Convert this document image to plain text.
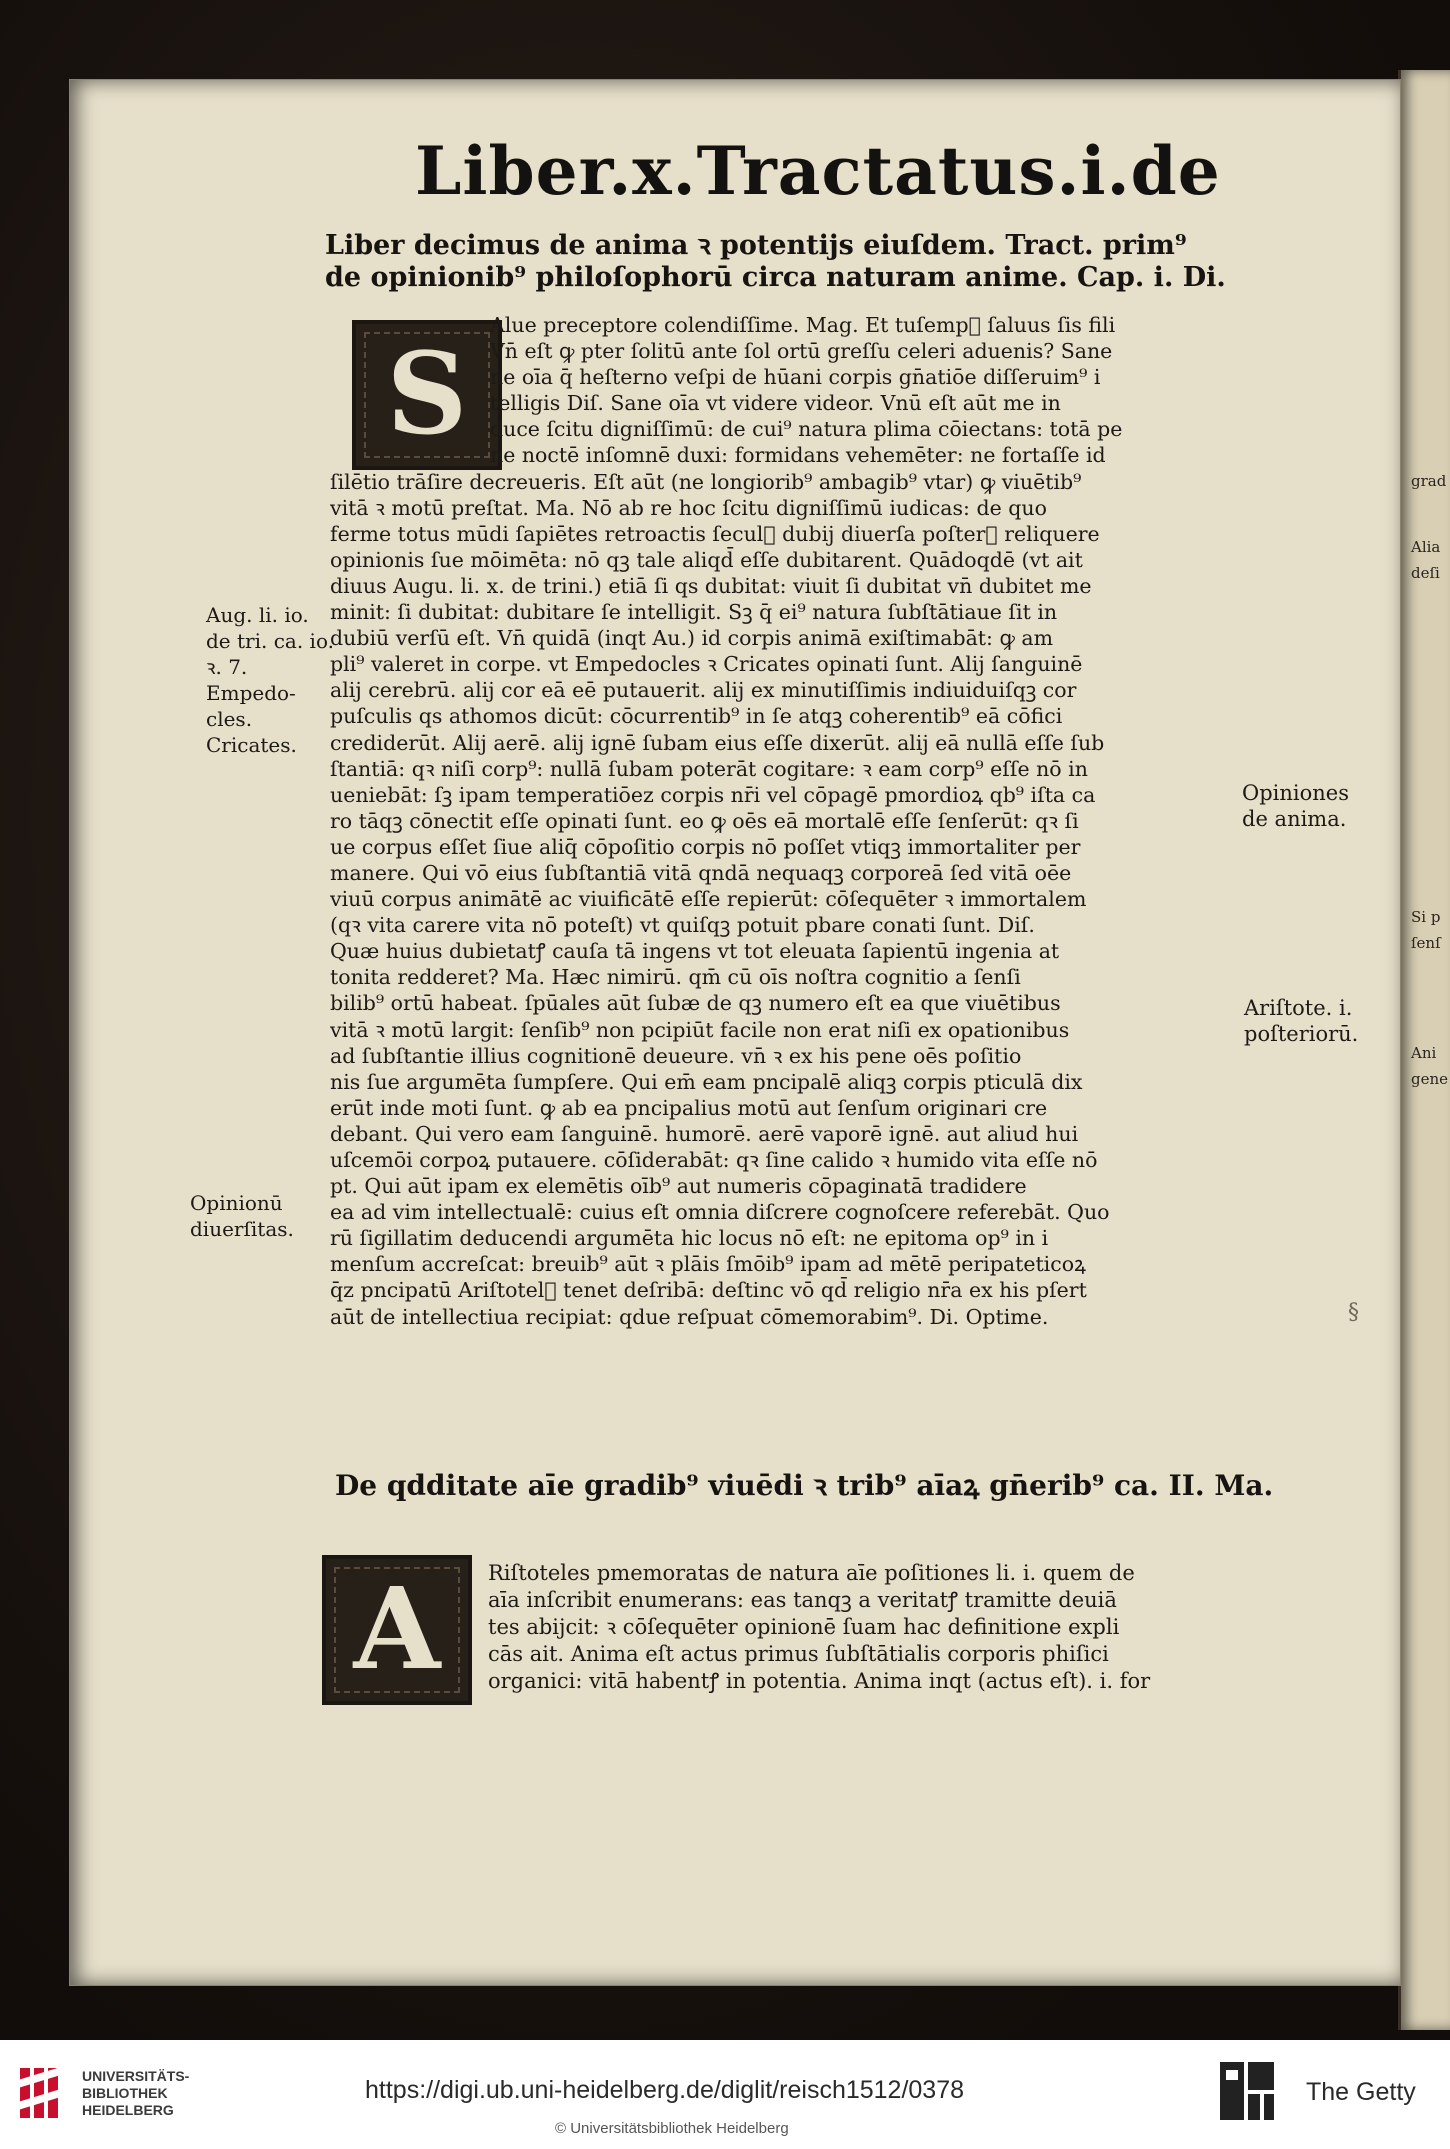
grad
Alia
deſi
Si p
ſenſ
Ani
gene
Liber.x.Tractatus.i.de
Liber decimus de anima ꝛ potentijs eiuſdem. Tract. prim⁹
de opinionib⁹ philoſophorū circa naturam anime. Cap. i. Di.
S
Alue preceptore colendiſſime. Mag. Et tuſemp᷑ ſaluus ſis fili
Vn̄ eſt ꝙ pter ſolitū ante ſol ortū greſſu celeri aduenis? Sane
ne oīa q̄ heſterno veſpi de hūani corpis gn̄atiōe diſſeruim⁹ i
telligis Diſ. Sane oīa vt videre videor. Vnū eſt aūt me in
duce ſcitu digniſſimū: de cui⁹ natura plima cōiectans: totā pe
ne noctē inſomnē duxi: formidans vehemēter: ne fortaſſe id
ſilētio trāſire decreueris. Eſt aūt (ne longiorib⁹ ambagib⁹ vtar) ꝙ viuētib⁹
vitā ꝛ motū preſtat. Ma. Nō ab re hoc ſcitu digniſſimū iudicas: de quo
ferme totus mūdi ſapiētes retroactis ſecul᷑ dubij diuerſa poſterꝭ reliquere
opinionis ſue mōimēta: nō qꝫ tale aliqd̄ eſſe dubitarent. Quādoqdē (vt ait
diuus Augu. li. x. de trini.) etiā ſi qs dubitat: viuit ſi dubitat vn̄ dubitet me
minit: ſi dubitat: dubitare ſe intelligit. Sꝫ q̄ ei⁹ natura ſubſtātiaue ſit in
dubiū verſū eſt. Vn̄ quidā (inqt Au.) id corpis animā exiſtimabāt: ꝙ am
pli⁹ valeret in corpe. vt Empedocles ꝛ Cricates opinati ſunt. Alij ſanguinē
alij cerebrū. alij cor eā eē putauerit. alij ex minutiſſimis indiuiduiſqꝫ cor
puſculis qs athomos dicūt: cōcurrentib⁹ in ſe atqꝫ coherentib⁹ eā cōfici
crediderūt. Alij aerē. alij ignē ſubam eius eſſe dixerūt. alij eā nullā eſſe ſub
ſtantiā: qꝛ niſi corp⁹: nullā ſubam poterāt cogitare: ꝛ eam corp⁹ eſſe nō in
ueniebāt: ſꝫ ipam temperatiōez corpis nr̄i vel cōpagē pmordioꝝ qb⁹ iſta ca
ro tāqꝫ cōnectit eſſe opinati ſunt. eo ꝙ oēs eā mortalē eſſe ſenſerūt: qꝛ ſi
ue corpus eſſet ſiue aliq̄ cōpoſitio corpis nō poſſet vtiqꝫ immortaliter per
manere. Qui vō eius ſubſtantiā vitā qndā nequaqꝫ corporeā ſed vitā oēe
viuū corpus animātē ac viuificātē eſſe repierūt: cōſequēter ꝛ immortalem
(qꝛ vita carere vita nō poteſt) vt quiſqꝫ potuit pbare conati ſunt. Diſ.
Quæ huius dubietatꝭ cauſa tā ingens vt tot eleuata ſapientū ingenia at
tonita redderet? Ma. Hæc nimirū. qm̄ cū oīs noſtra cognitio a ſenſi
bilib⁹ ortū habeat. ſpūales aūt ſubæ de qꝫ numero eſt ea que viuētibus
vitā ꝛ motū largit: ſenſib⁹ non pcipiūt facile non erat niſi ex opationibus
ad ſubſtantie illius cognitionē deueure. vn̄ ꝛ ex his pene oēs poſitio
nis ſue argumēta ſumpſere. Qui em̄ eam pncipalē aliqꝫ corpis pticulā dix
erūt inde moti ſunt. ꝙ ab ea pncipalius motū aut ſenſum originari cre
debant. Qui vero eam ſanguinē. humorē. aerē vaporē ignē. aut aliud hui
uſcemōi corpoꝝ putauere. cōſiderabāt: qꝛ ſine calido ꝛ humido vita eſſe nō
pt. Qui aūt ipam ex elemētis oīb⁹ aut numeris cōpaginatā tradidere
ea ad vim intellectualē: cuius eſt omnia diſcrere cognoſcere referebāt. Quo
rū ſigillatim deducendi argumēta hic locus nō eſt: ne epitoma op⁹ in i
menſum accreſcat: breuib⁹ aūt ꝛ plāis ſmōib⁹ ipam ad mētē peripateticoꝝ
q̄z pncipatū Ariſtotel᷑ tenet deſribā: deſtinc vō qd̄ religio nr̄a ex his pſert
aūt de intellectiua recipiat: qdue reſpuat cōmemorabim⁹. Di. Optime.
De qdditate aīe gradib⁹ viuēdi ꝛ trib⁹ aīaꝝ gn̄erib⁹ ca. II. Ma.
A Riſtoteles pmemoratas de natura aīe poſitiones li. i. quem de
aīa inſcribit enumerans: eas tanqꝫ a veritatꝭ tramitte deuiā
tes abijcit: ꝛ cōſequēter opinionē ſuam hac definitione expli
cās ait. Anima eſt actus primus ſubſtātialis corporis phiſici
organici: vitā habentꝭ in potentia. Anima inqt (actus eſt). i. for
Aug. li. io.
de tri. ca. io.
ꝛ. 7.
Empedo-
cles.
Cricates.
Opinionū
diuerſitas.
Opiniones
de anima.
Ariſtote. i.
poſteriorū.
§
UNIVERSITÄTS-
BIBLIOTHEK
HEIDELBERG
https://digi.ub.uni-heidelberg.de/diglit/reisch1512/0378
© Universitätsbibliothek Heidelberg
The Getty
